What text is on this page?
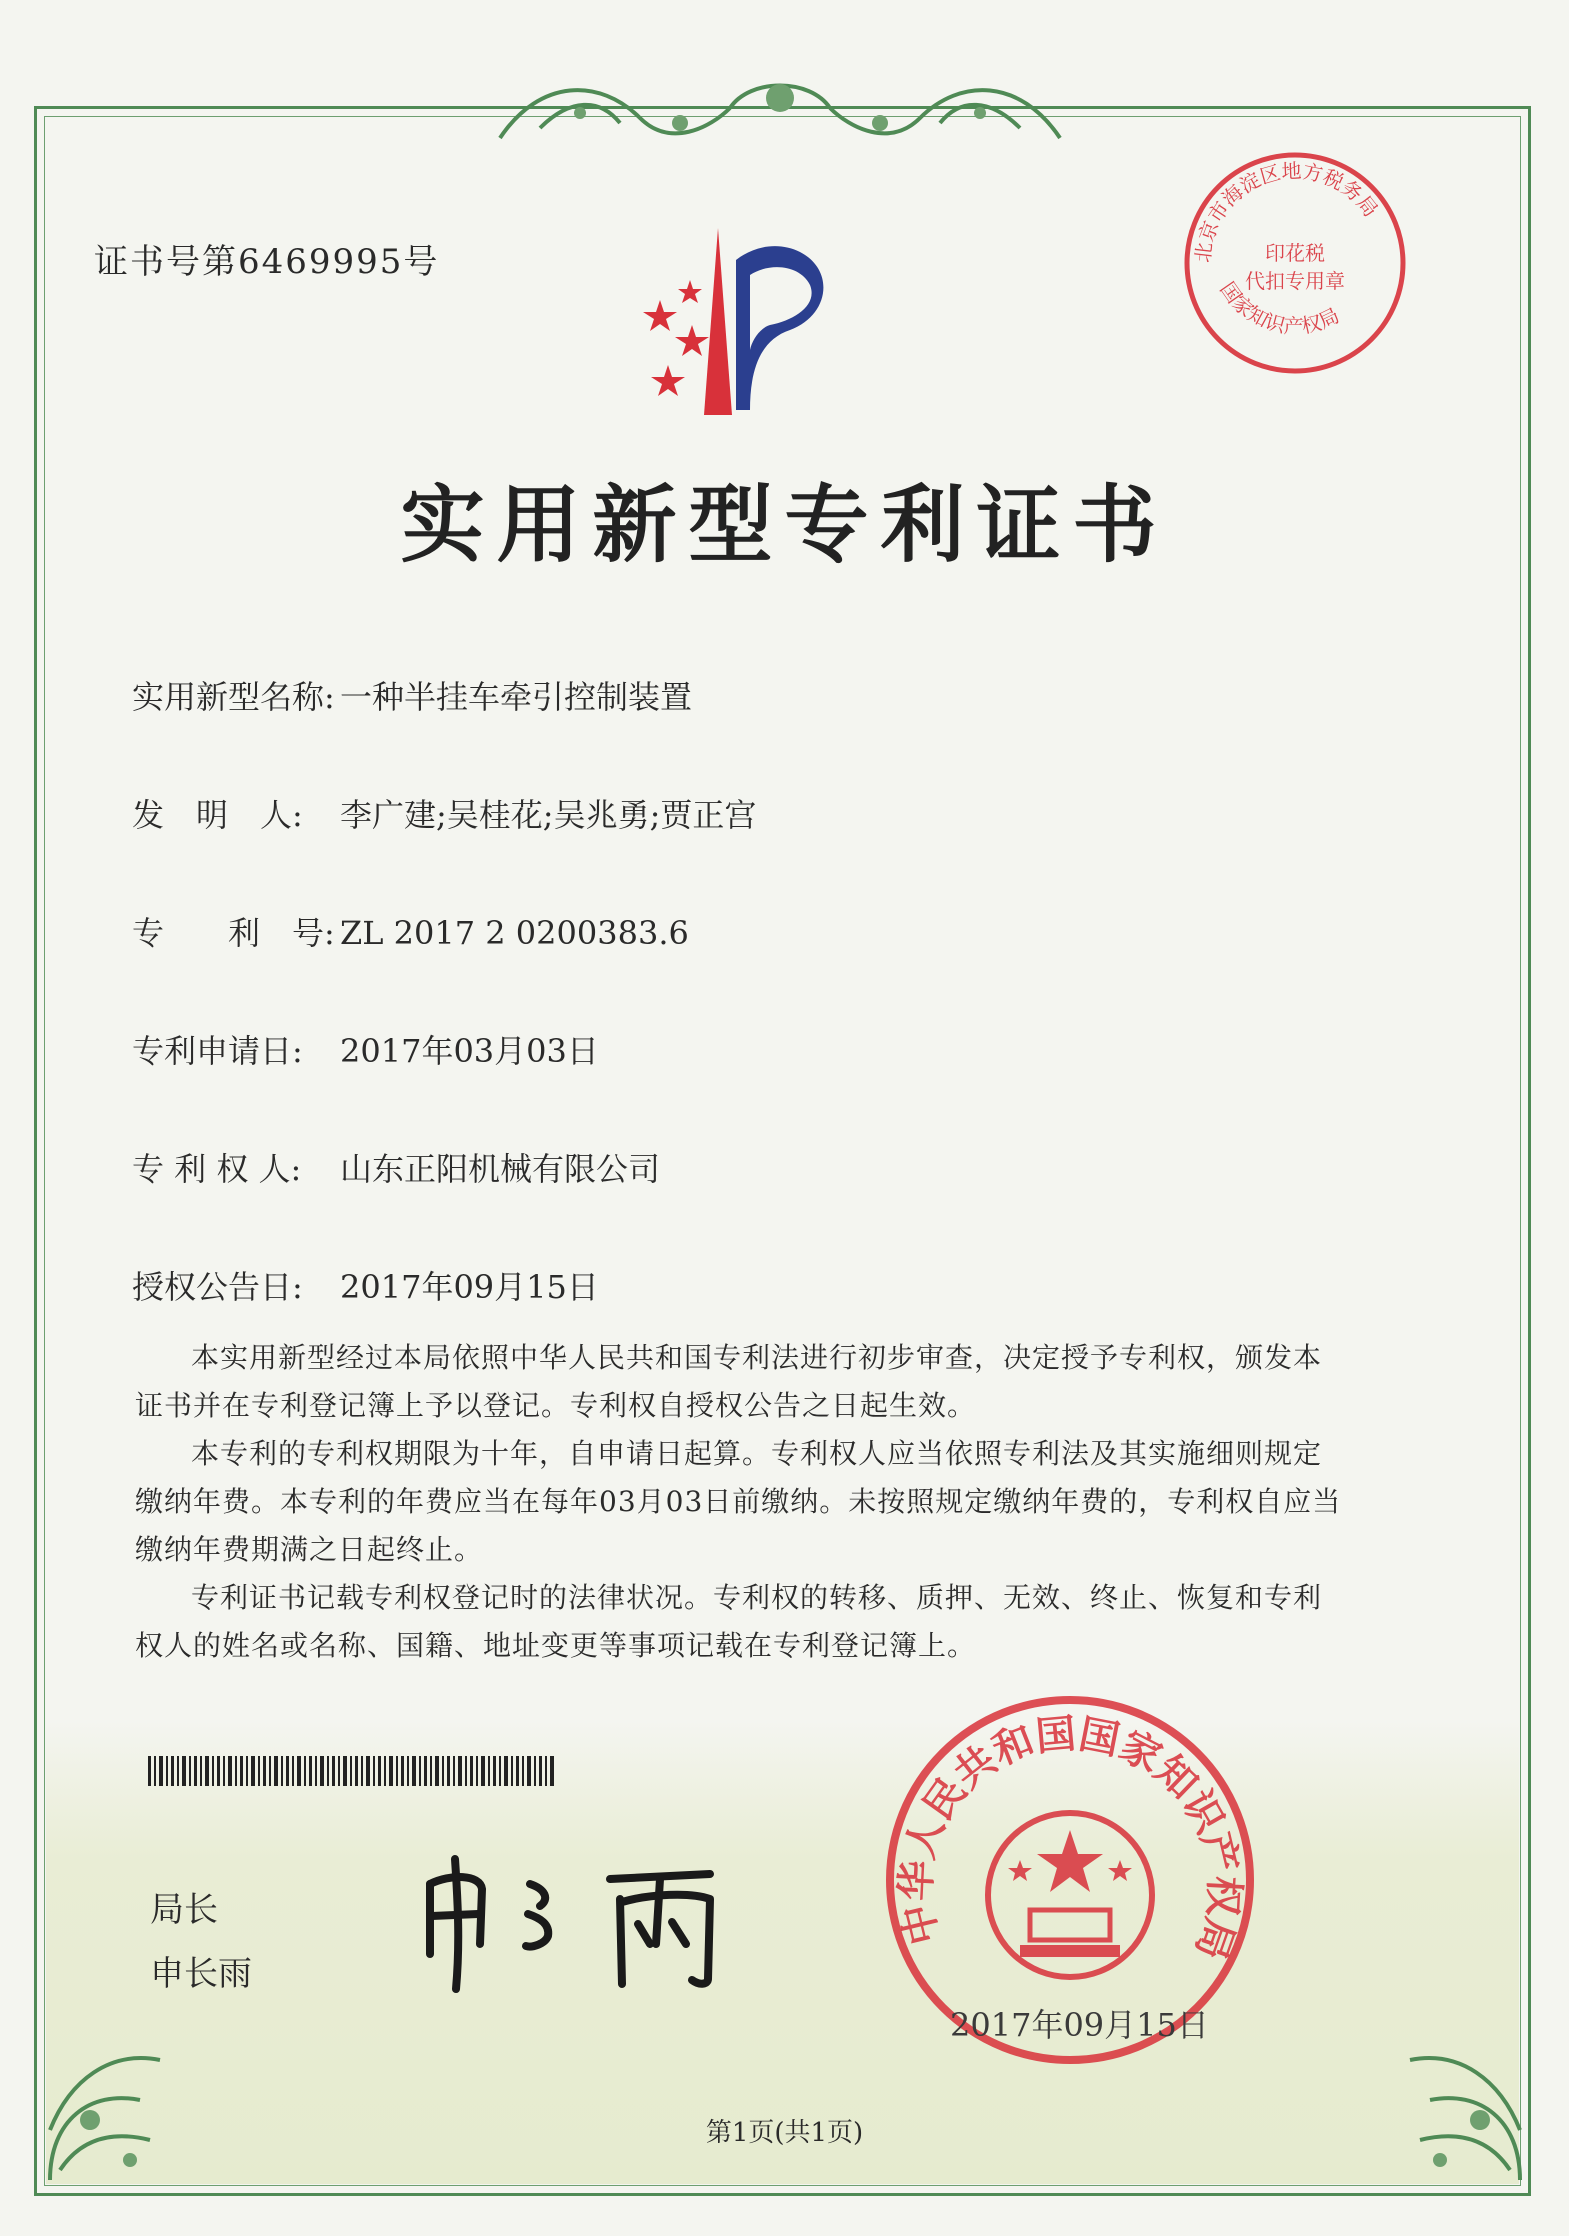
证书号第6469995号
实用新型专利证书
实用新型名称: 一种半挂车牵引控制装置
发　明　人: 李广建;吴桂花;吴兆勇;贾正宫
专　　利　号: ZL 2017 2 0200383.6
专利申请日: 2017年03月03日
专 利 权 人: 山东正阳机械有限公司
授权公告日: 2017年09月15日

本实用新型经过本局依照中华人民共和国专利法进行初步审查，决定授予专利权，颁发本证书并在专利登记簿上予以登记。专利权自授权公告之日起生效。

本专利的专利权期限为十年，自申请日起算。专利权人应当依照专利法及其实施细则规定缴纳年费。本专利的年费应当在每年03月03日前缴纳。未按照规定缴纳年费的，专利权自应当缴纳年费期满之日起终止。

专利证书记载专利权登记时的法律状况。专利权的转移、质押、无效、终止、恢复和专利权人的姓名或名称、国籍、地址变更等事项记载在专利登记簿上。

局长
申长雨
中华人民共和国国家知识产权局
2017年09月15日
北京市海淀区地方税务局
国家知识产权局
印花税
代扣专用章
第1页(共1页)
